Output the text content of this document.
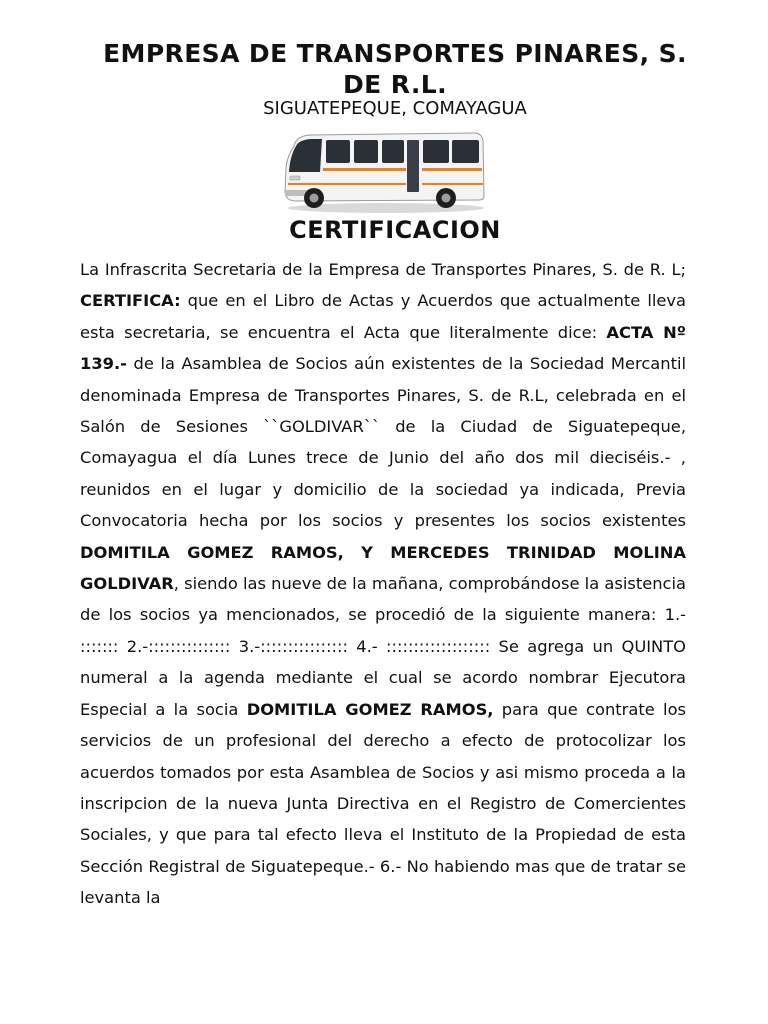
EMPRESA DE TRANSPORTES PINARES, S. DE R.L.
SIGUATEPEQUE, COMAYAGUA
CERTIFICACION
La Infrascrita Secretaria de la Empresa de Transportes Pinares, S. de R. L; CERTIFICA: que en el Libro de Actas y Acuerdos que actualmente lleva esta secretaria, se encuentra el Acta que literalmente dice: ACTA Nº 139.- de la Asamblea de Socios aún existentes de la Sociedad Mercantil denominada Empresa de Transportes Pinares, S. de R.L, celebrada en el Salón de Sesiones ``GOLDIVAR`` de la Ciudad de Siguatepeque, Comayagua el día Lunes trece de Junio del año dos mil dieciséis.- , reunidos en el lugar y domicilio de la sociedad ya indicada, Previa Convocatoria hecha por los socios y presentes los socios existentes DOMITILA GOMEZ RAMOS, Y MERCEDES TRINIDAD MOLINA GOLDIVAR, siendo las nueve de la mañana, comprobándose la asistencia de los socios ya mencionados, se procedió de la siguiente manera: 1.- ::::::: 2.-::::::::::::::: 3.-:::::::::::::::: 4.- ::::::::::::::::::: Se agrega un QUINTO numeral a la agenda mediante el cual se acordo nombrar Ejecutora Especial a la socia DOMITILA GOMEZ RAMOS, para que contrate los servicios de un profesional del derecho a efecto de protocolizar los acuerdos tomados por esta Asamblea de Socios y asi mismo proceda a la inscripcion de la nueva Junta Directiva en el Registro de Comercientes Sociales, y que para tal efecto lleva el Instituto de la Propiedad de esta Sección Registral de Siguatepeque.- 6.- No habiendo mas que de tratar se levanta la
